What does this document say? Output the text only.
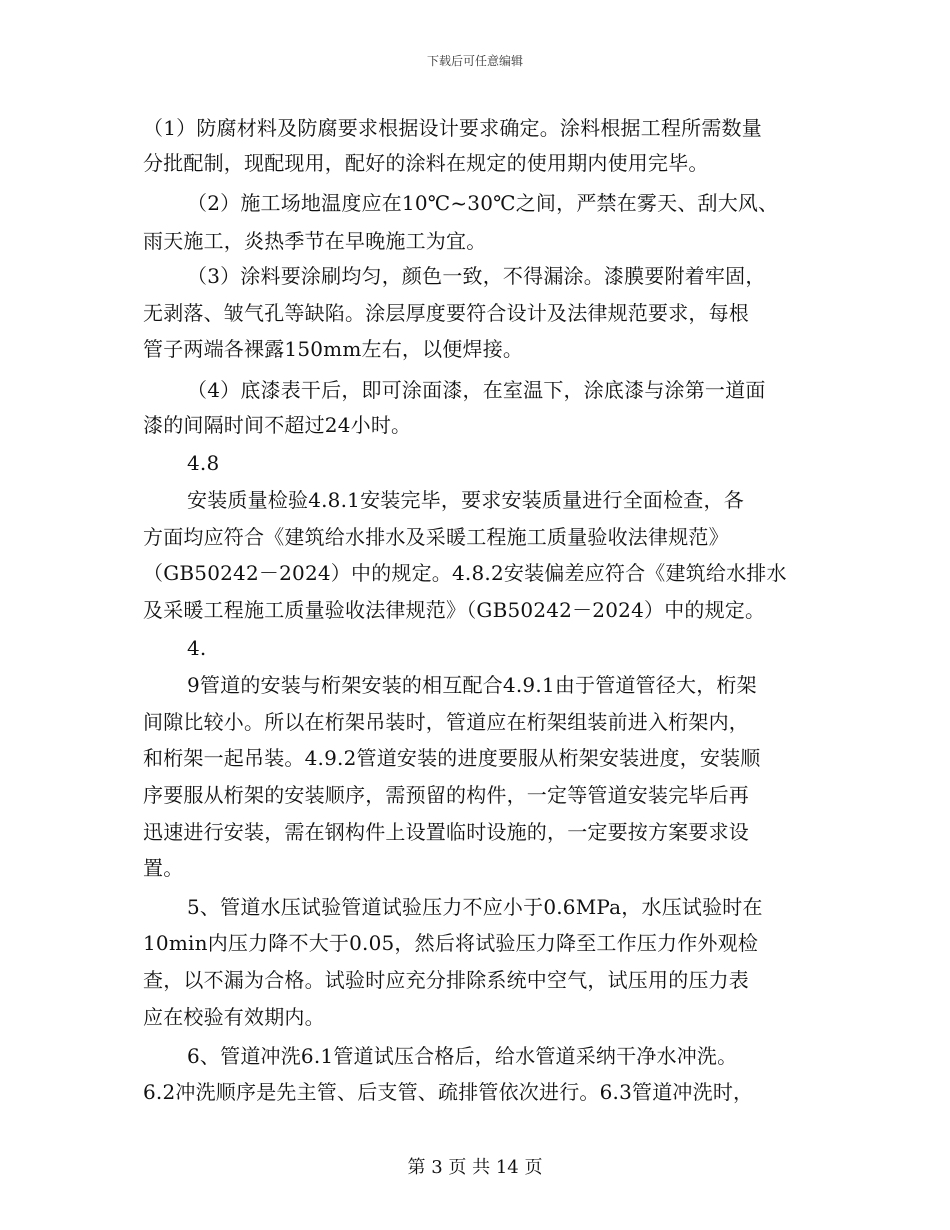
下载后可任意编辑
（1）防腐材料及防腐要求根据设计要求确定。涂料根据工程所需数量
分批配制，现配现用，配好的涂料在规定的使用期内使用完毕。
（2）施工场地温度应在10℃~30℃之间，严禁在雾天、刮大风、
雨天施工，炎热季节在早晚施工为宜。
（3）涂料要涂刷均匀，颜色一致，不得漏涂。漆膜要附着牢固，
无剥落、皱气孔等缺陷。涂层厚度要符合设计及法律规范要求，每根
管子两端各裸露150mm左右，以便焊接。
（4）底漆表干后，即可涂面漆，在室温下，涂底漆与涂第一道面
漆的间隔时间不超过24小时。
4.8
安装质量检验4.8.1安装完毕，要求安装质量进行全面检查，各
方面均应符合《建筑给水排水及采暖工程施工质量验收法律规范》
（GB50242－2024）中的规定。4.8.2安装偏差应符合《建筑给水排水
及采暖工程施工质量验收法律规范》（GB50242－2024）中的规定。
4.
9管道的安装与桁架安装的相互配合4.9.1由于管道管径大，桁架
间隙比较小。所以在桁架吊装时，管道应在桁架组装前进入桁架内，
和桁架一起吊装。4.9.2管道安装的进度要服从桁架安装进度，安装顺
序要服从桁架的安装顺序，需预留的构件，一定等管道安装完毕后再
迅速进行安装，需在钢构件上设置临时设施的，一定要按方案要求设
置。
5、管道水压试验管道试验压力不应小于0.6MPa，水压试验时在
10min内压力降不大于0.05，然后将试验压力降至工作压力作外观检
查，以不漏为合格。试验时应充分排除系统中空气，试压用的压力表
应在校验有效期内。
6、管道冲洗6.1管道试压合格后，给水管道采纳干净水冲洗。
6.2冲洗顺序是先主管、后支管、疏排管依次进行。6.3管道冲洗时，
第 3 页 共 14 页
